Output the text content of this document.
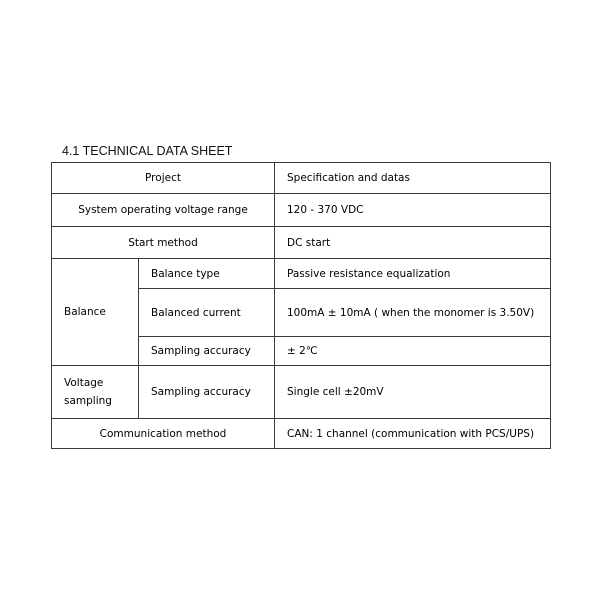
4.1 TECHNICAL DATA SHEET
Project		Specification and datas
System operating voltage range		120 - 370 VDC
Start method		DC start
Balance	Balance type	Passive resistance equalization
	Balanced current	100mA ± 10mA ( when the monomer is 3.50V)
	Sampling accuracy	± 2℃
Voltage sampling	Sampling accuracy	Single cell ±20mV
Communication method		CAN: 1 channel (communication with PCS/UPS)
